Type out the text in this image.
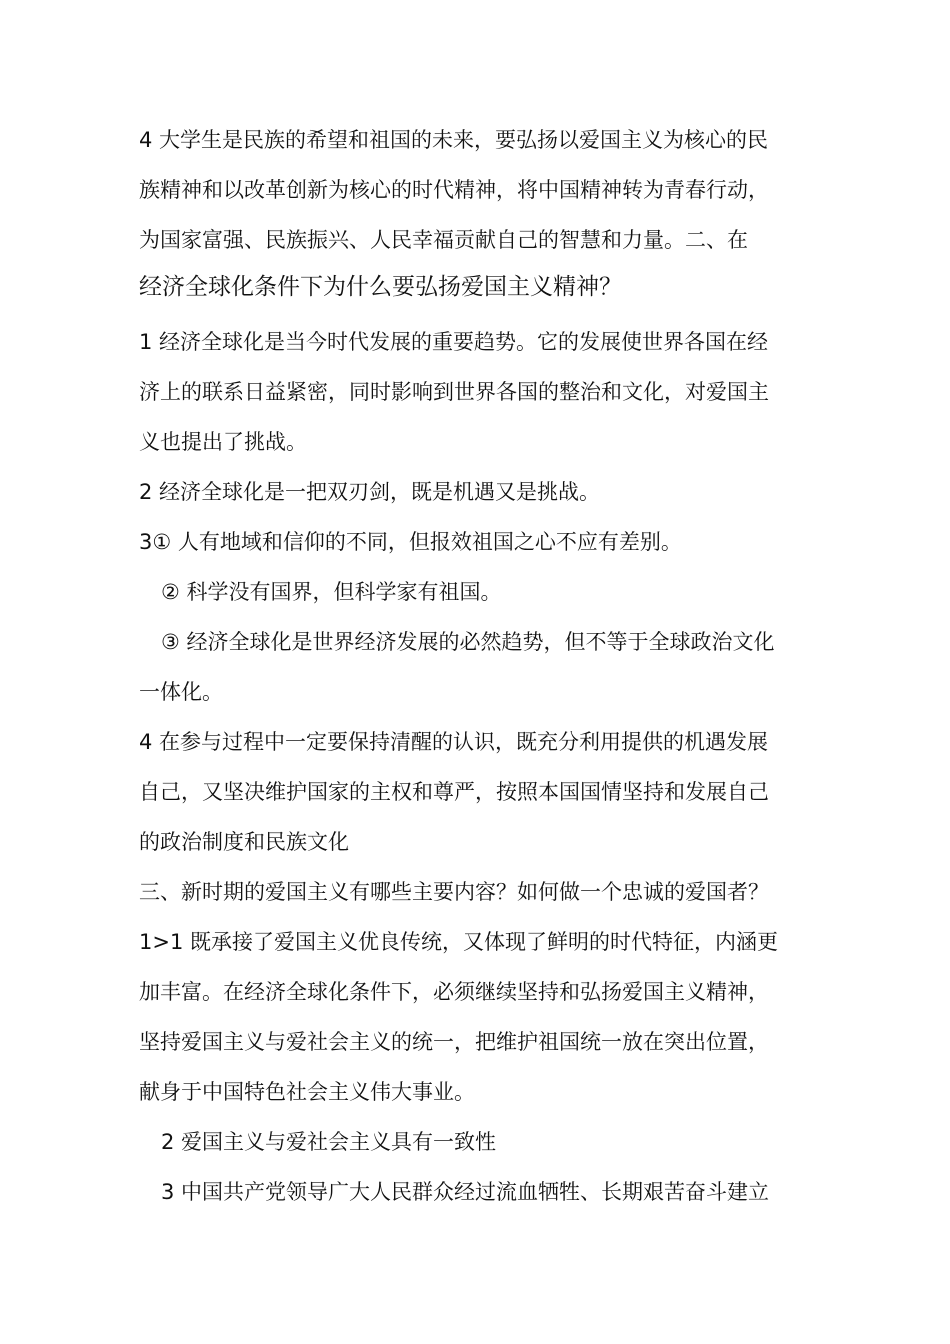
4 大学生是民族的希望和祖国的未来，要弘扬以爱国主义为核心的民
族精神和以改革创新为核心的时代精神，将中国精神转为青春行动，
为国家富强、民族振兴、人民幸福贡献自己的智慧和力量。二、在
经济全球化条件下为什么要弘扬爱国主义精神？
1 经济全球化是当今时代发展的重要趋势。它的发展使世界各国在经
济上的联系日益紧密，同时影响到世界各国的整治和文化，对爱国主
义也提出了挑战。
2 经济全球化是一把双刃剑，既是机遇又是挑战。
3① 人有地域和信仰的不同，但报效祖国之心不应有差别。
② 科学没有国界，但科学家有祖国。
③ 经济全球化是世界经济发展的必然趋势，但不等于全球政治文化
一体化。
4 在参与过程中一定要保持清醒的认识，既充分利用提供的机遇发展
自己，又坚决维护国家的主权和尊严，按照本国国情坚持和发展自己
的政治制度和民族文化
三、新时期的爱国主义有哪些主要内容？如何做一个忠诚的爱国者？
1>1 既承接了爱国主义优良传统，又体现了鲜明的时代特征，内涵更
加丰富。在经济全球化条件下，必须继续坚持和弘扬爱国主义精神，
坚持爱国主义与爱社会主义的统一，把维护祖国统一放在突出位置，
献身于中国特色社会主义伟大事业。
2 爱国主义与爱社会主义具有一致性
3 中国共产党领导广大人民群众经过流血牺牲、长期艰苦奋斗建立
